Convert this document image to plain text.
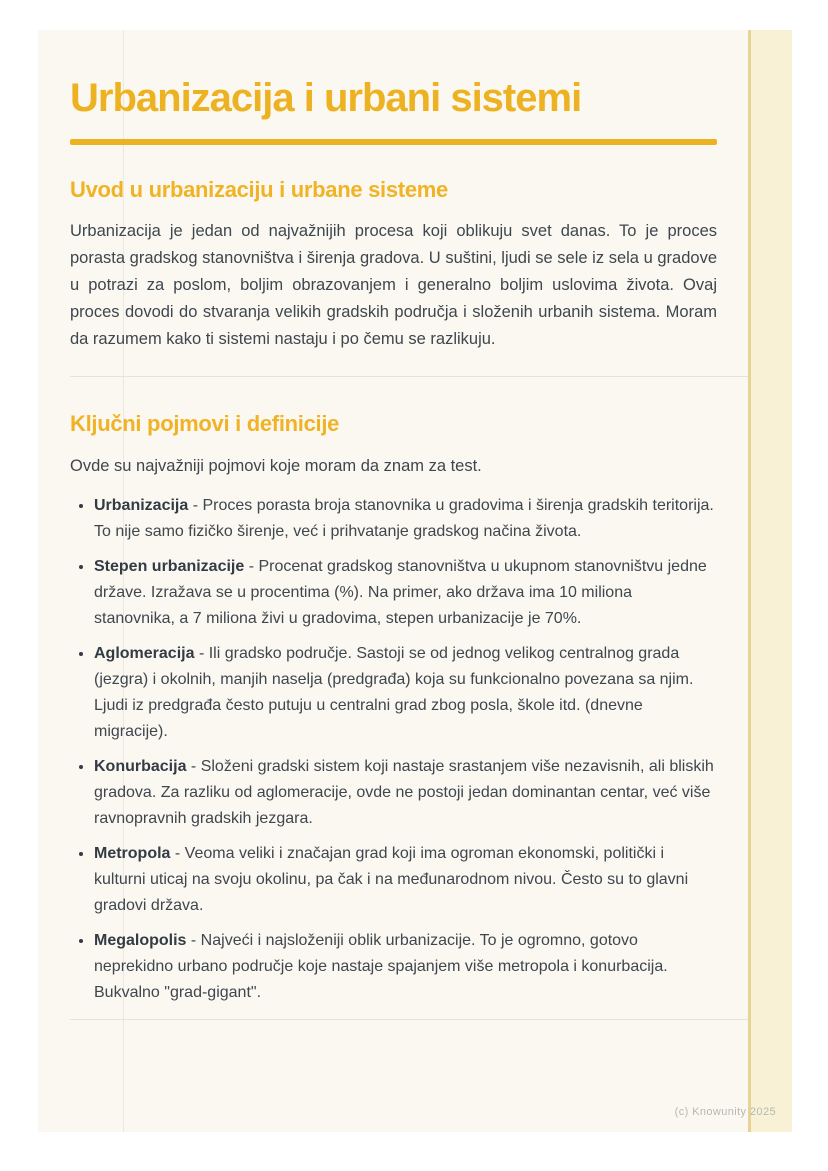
Urbanizacija i urbani sistemi
Uvod u urbanizaciju i urbane sisteme

Urbanizacija je jedan od najvažnijih procesa koji oblikuju svet danas. To je proces porasta gradskog stanovništva i širenja gradova. U suštini, ljudi se sele iz sela u gradove u potrazi za poslom, boljim obrazovanjem i generalno boljim uslovima života. Ovaj proces dovodi do stvaranja velikih gradskih područja i složenih urbanih sistema. Moram da razumem kako ti sistemi nastaju i po čemu se razlikuju.

Ključni pojmovi i definicije

Ovde su najvažniji pojmovi koje moram da znam za test.

• Urbanizacija - Proces porasta broja stanovnika u gradovima i širenja gradskih teritorija. To nije samo fizičko širenje, već i prihvatanje gradskog načina života.
• Stepen urbanizacije - Procenat gradskog stanovništva u ukupnom stanovništvu jedne države. Izražava se u procentima (%). Na primer, ako država ima 10 miliona stanovnika, a 7 miliona živi u gradovima, stepen urbanizacije je 70%.
• Aglomeracija - Ili gradsko područje. Sastoji se od jednog velikog centralnog grada (jezgra) i okolnih, manjih naselja (predgrađa) koja su funkcionalno povezana sa njim. Ljudi iz predgrađa često putuju u centralni grad zbog posla, škole itd. (dnevne migracije).
• Konurbacija - Složeni gradski sistem koji nastaje srastanjem više nezavisnih, ali bliskih gradova. Za razliku od aglomeracije, ovde ne postoji jedan dominantan centar, već više ravnopravnih gradskih jezgara.
• Metropola - Veoma veliki i značajan grad koji ima ogroman ekonomski, politički i kulturni uticaj na svoju okolinu, pa čak i na međunarodnom nivou. Često su to glavni gradovi država.
• Megalopolis - Najveći i najsloženiji oblik urbanizacije. To je ogromno, gotovo neprekidno urbano područje koje nastaje spajanjem više metropola i konurbacija. Bukvalno "grad-gigant".
(c) Knowunity 2025
